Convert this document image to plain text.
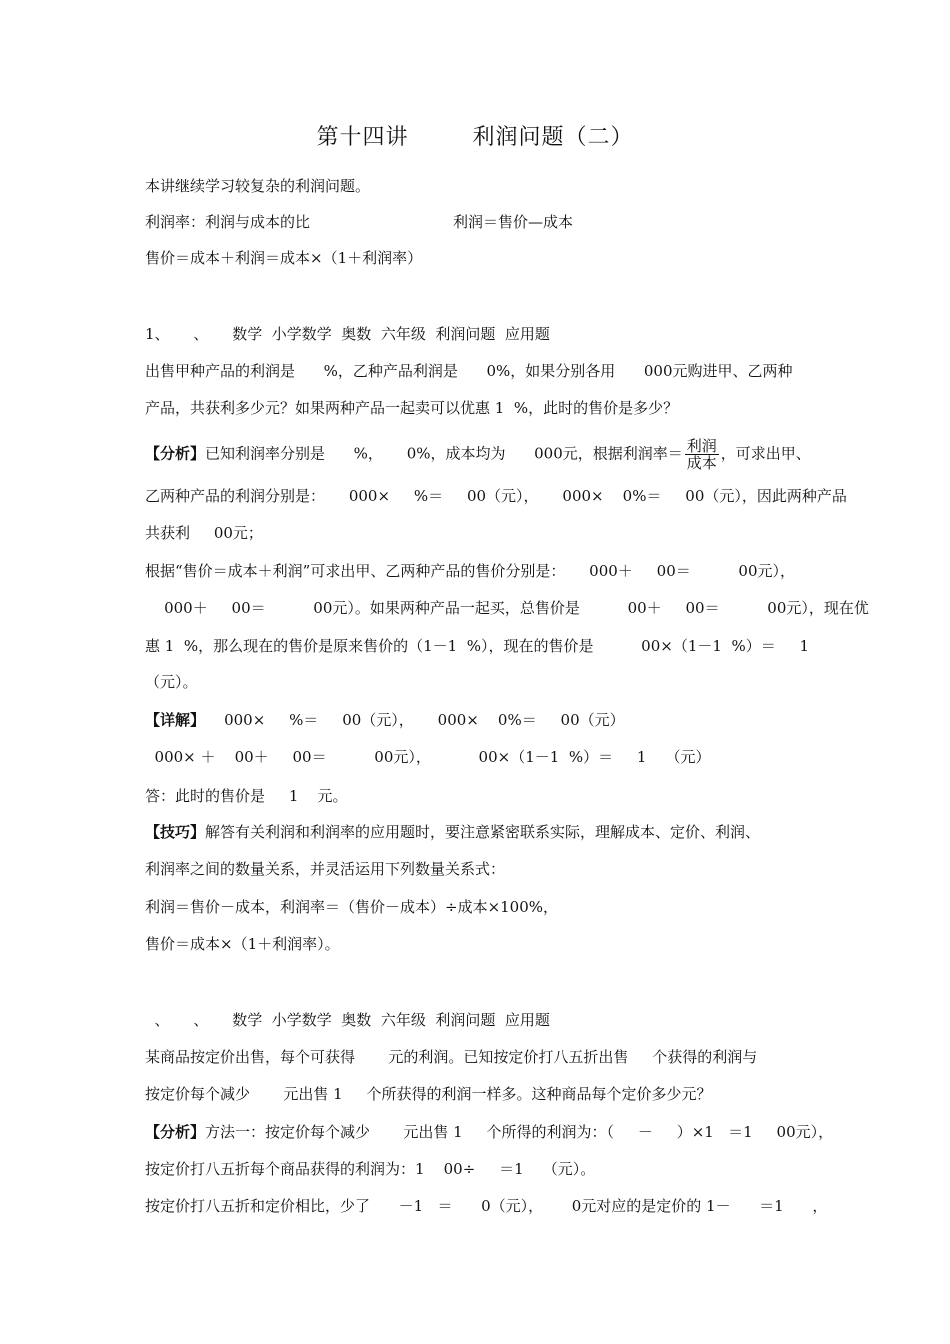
第十四讲        利润问题（二）
本讲继续学习较复杂的利润问题。
利润率：利润与成本的比                              利润＝售价—成本
售价＝成本＋利润＝成本×（1＋利润率）
1、     、     数学  小学数学  奥数  六年级  利润问题  应用题
出售甲种产品的利润是      %，乙种产品利润是      0%，如果分别各用      000元购进甲、乙两种
产品，共获利多少元？如果两种产品一起卖可以优惠 1  %，此时的售价是多少？
【分析】已知利润率分别是      %，     0%，成本均为      000元，根据利润率＝ $\frac{\text{利润}}{\text{成本}}$ ，可求出甲、
乙两种产品的利润分别是：     000×     %＝     00（元），     000×    0%＝     00（元），因此两种产品
共获利     00元；
根据“售价＝成本＋利润”可求出甲、乙两种产品的售价分别是：     000＋     00＝          00元），
000＋     00＝          00元）。如果两种产品一起买，总售价是          00＋     00＝          00元），现在优
惠 1  %，那么现在的售价是原来售价的（1－1  %），现在的售价是          00×（1－1  %）＝     1
（元）。
【详解】    000×     %＝     00（元），     000×    0%＝     00（元）
000× ＋    00＋     00＝          00元），          00×（1－1  %）＝     1    （元）
答：此时的售价是     1    元。
【技巧】解答有关利润和利润率的应用题时，要注意紧密联系实际，理解成本、定价、利润、
利润率之间的数量关系，并灵活运用下列数量关系式：
利润＝售价－成本，利润率＝（售价－成本）÷成本×100%，
售价＝成本×（1＋利润率）。
、     、     数学  小学数学  奥数  六年级  利润问题  应用题
某商品按定价出售，每个可获得       元的利润。已知按定价打八五折出售     个获得的利润与
按定价每个减少       元出售 1     个所获得的利润一样多。这种商品每个定价多少元？
【分析】方法一：按定价每个减少       元出售 1     个所得的利润为：（     －     ）×1   ＝1     00元），
按定价打八五折每个商品获得的利润为：1    00÷     ＝1    （元）。
按定价打八五折和定价相比，少了      －1   ＝      0（元），      0元对应的是定价的 1－      ＝1      ，
